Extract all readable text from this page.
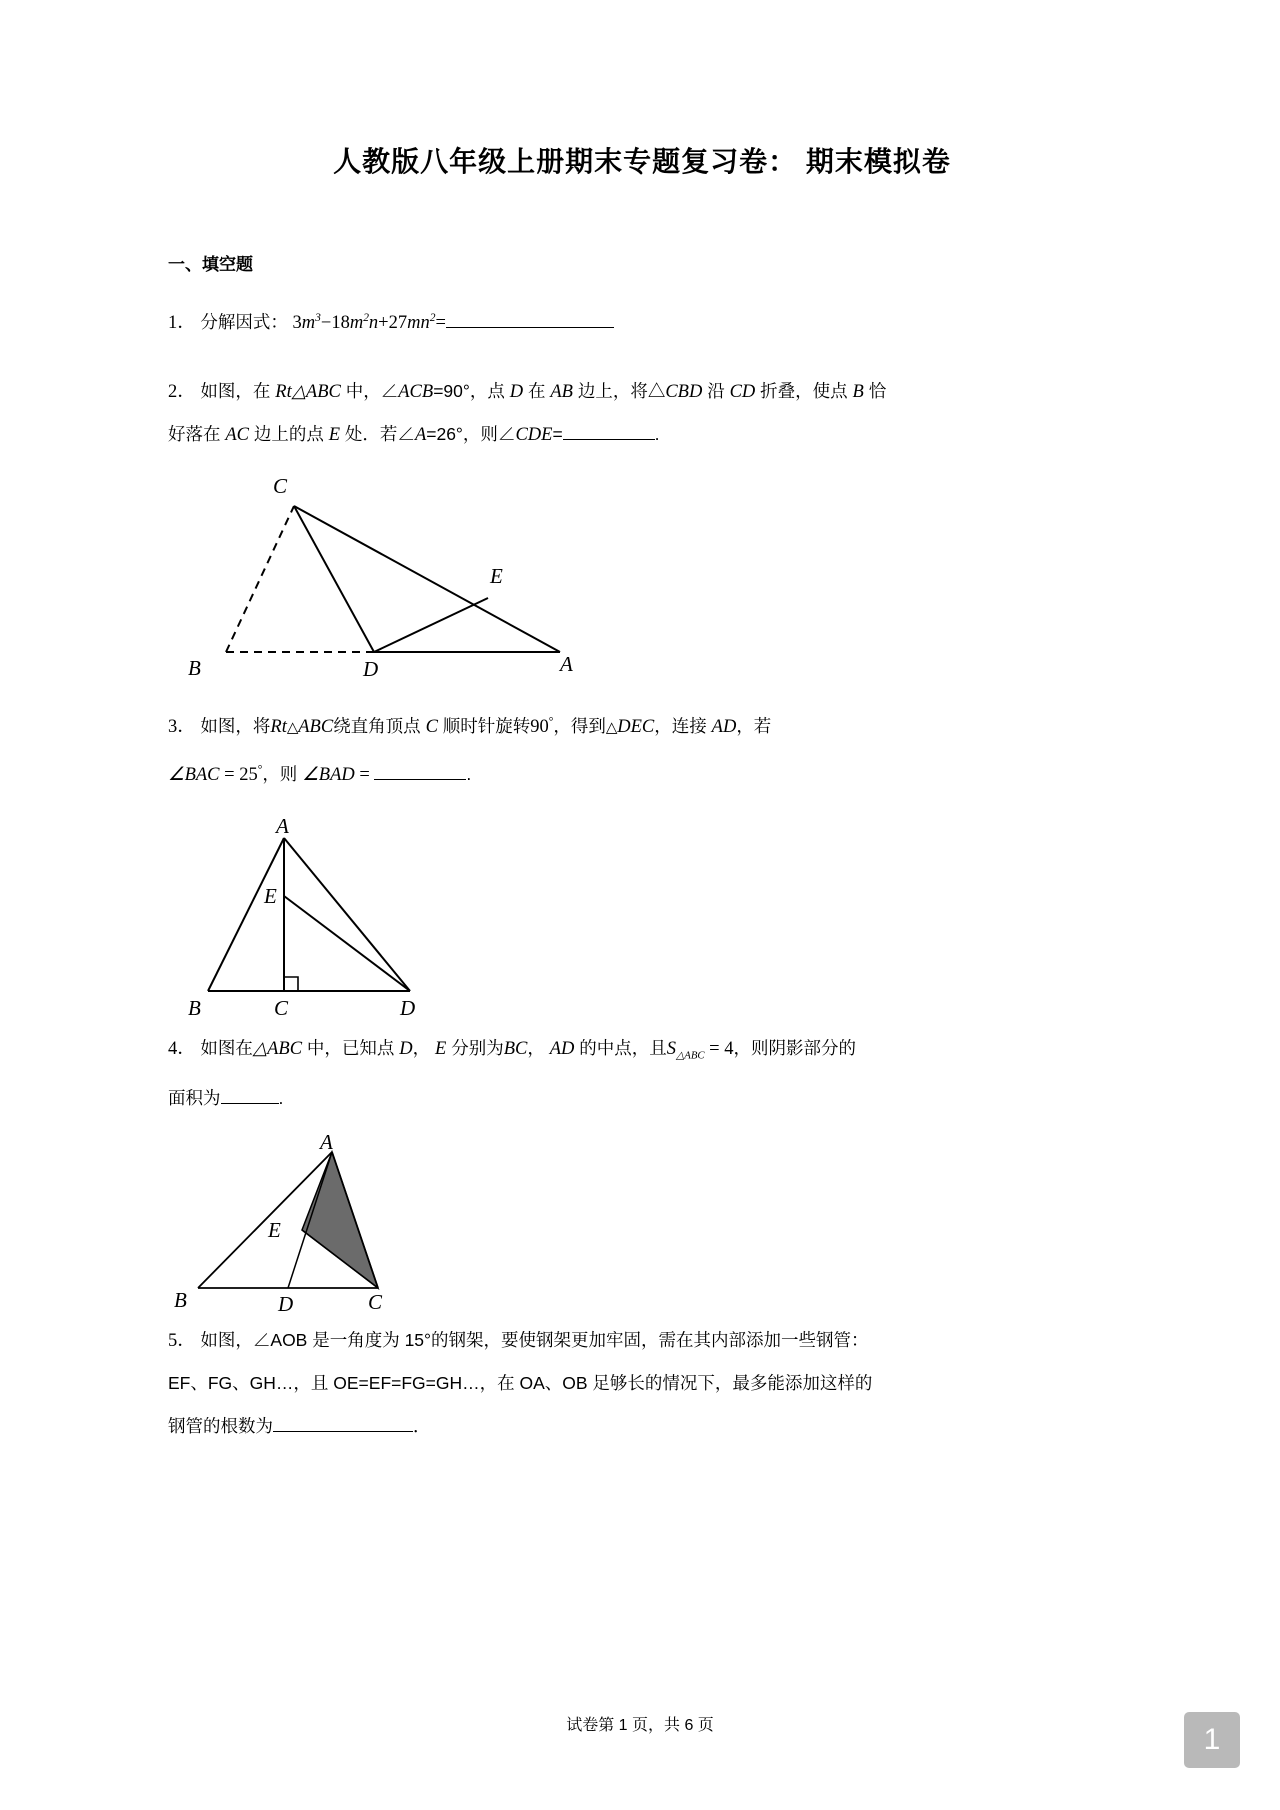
人教版八年级上册期末专题复习卷： 期末模拟卷
一、填空题
1． 分解因式： $3m^3-18m^2n+27mn^2=$
2． 如图，在 Rt△ABC 中，∠ACB=90°，点 D 在 AB 边上，将△CBD 沿 CD 折叠，使点 B 恰
好落在 AC 边上的点 E 处．若∠A=26°，则∠CDE=	.
C
E
B	D	A
3． 如图，将Rt△ABC绕直角顶点 C 顺时针旋转90°，得到△DEC，连接 AD，若
∠BAC = 25°，则 ∠BAD =	.
A
E
B	C	D
4． 如图在△ABC 中，已知点 D， E 分别为BC， AD 的中点，且$S_{\triangle ABC} = 4$，则阴影部分的
面积为	.
A
E
B	D	C
5． 如图，∠AOB 是一角度为 15°的钢架，要使钢架更加牢固，需在其内部添加一些钢管：
EF、FG、GH…，且 OE=EF=FG=GH…，在 OA、OB 足够长的情况下，最多能添加这样的
钢管的根数为	．
试卷第 1 页，共 6 页	1
